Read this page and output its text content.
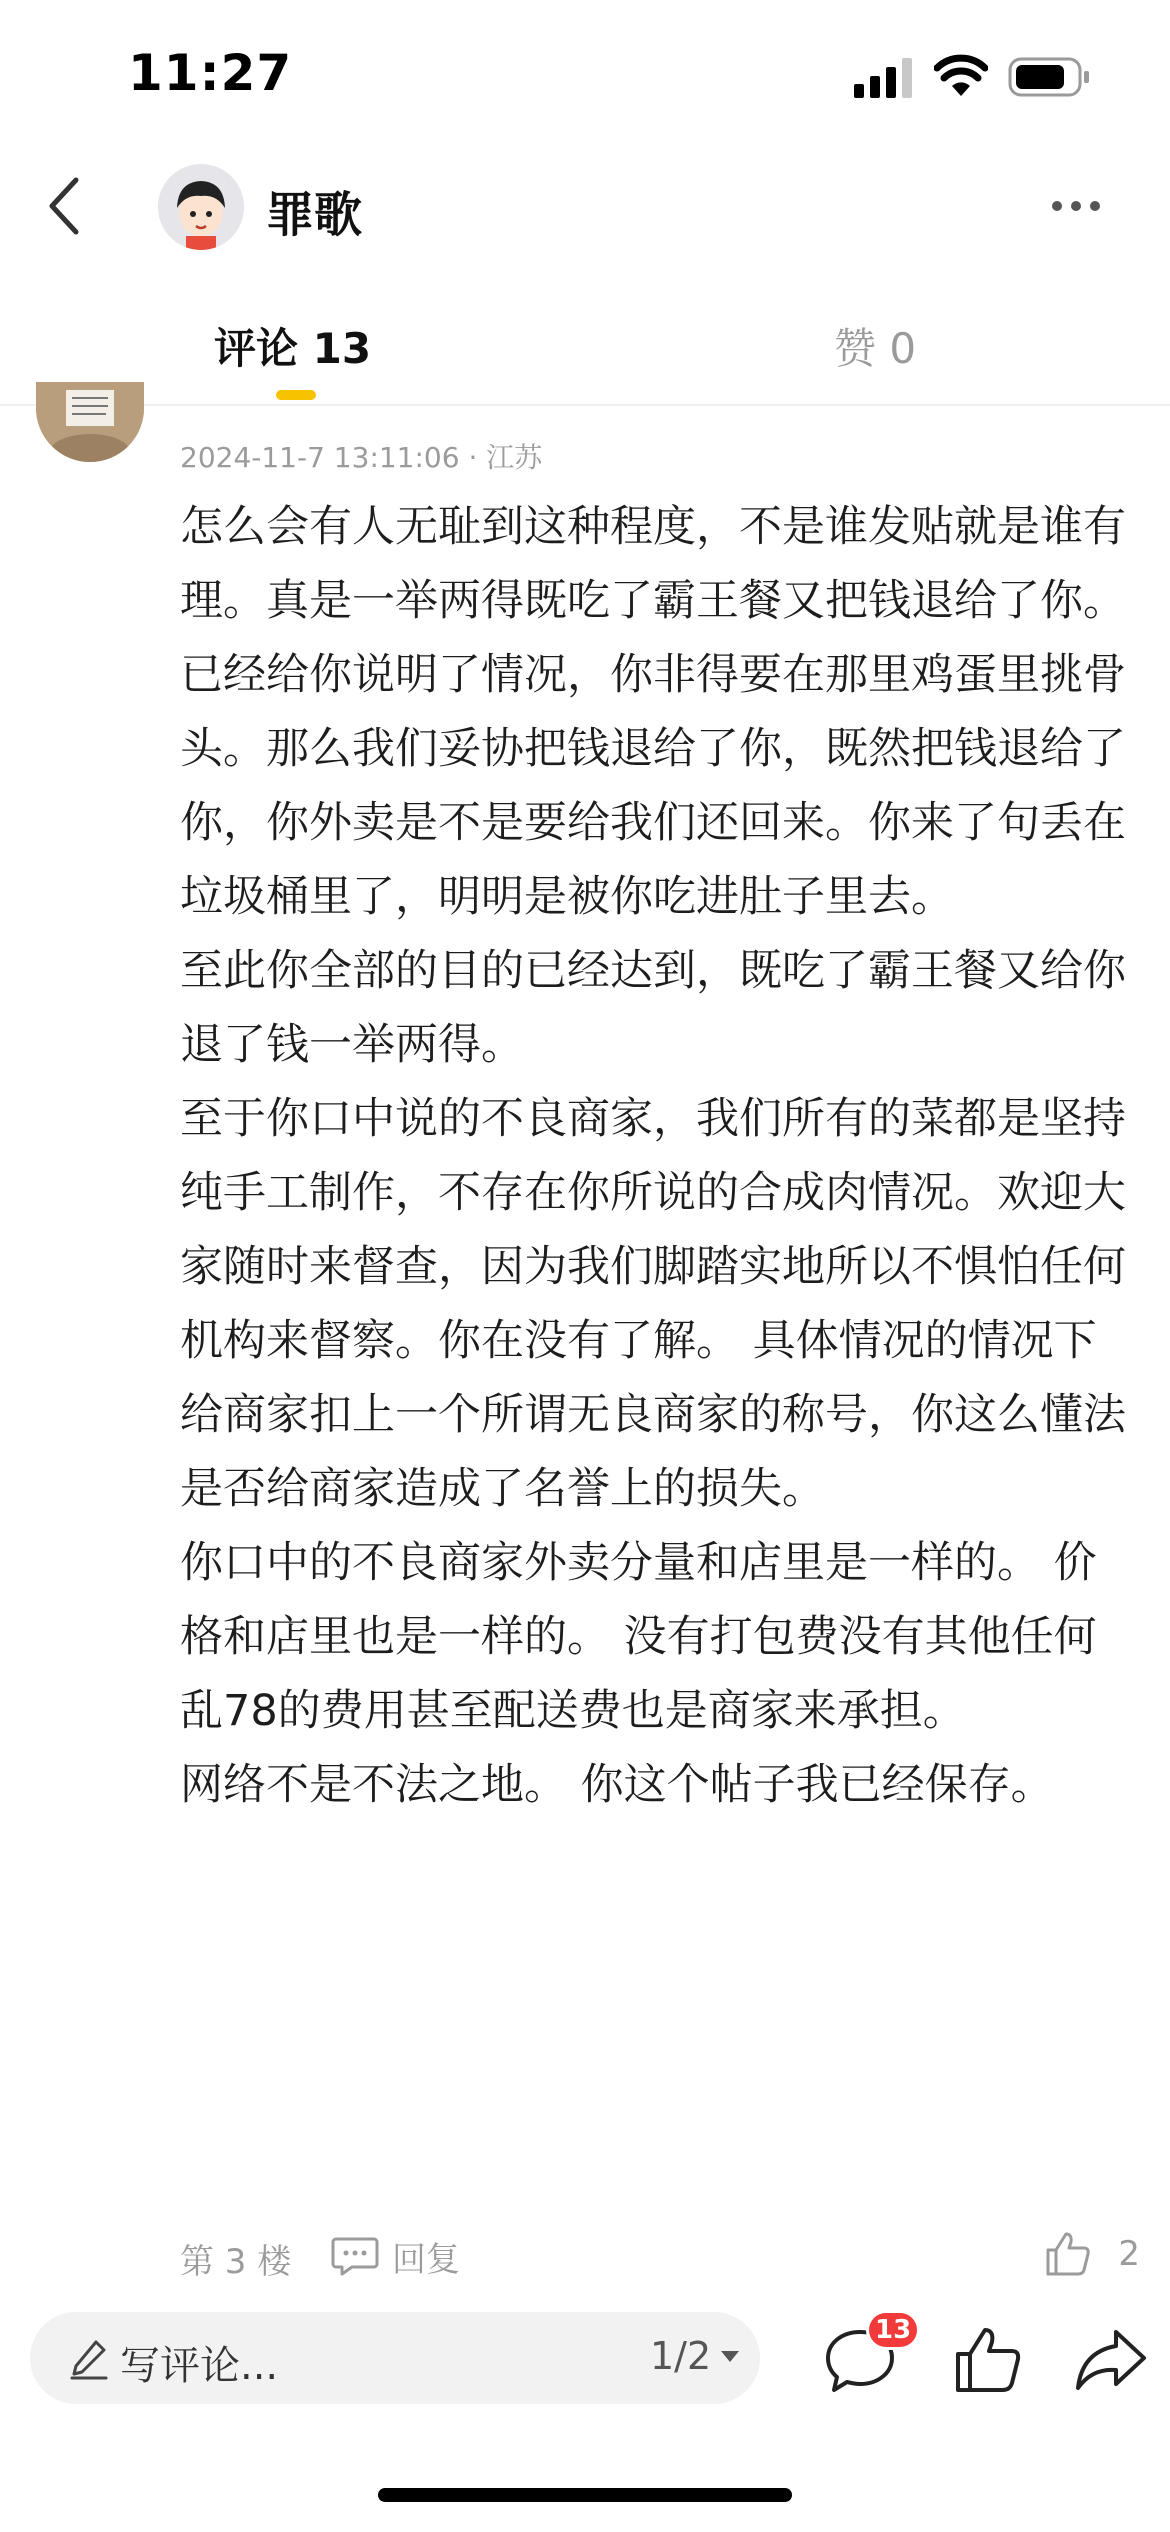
11:27
罪歌
评论 13	赞 0
2024-11-7 13:11:06 · 江苏

怎么会有人无耻到这种程度，不是谁发贴就是谁有理。真是一举两得既吃了霸王餐又把钱退给了你。

已经给你说明了情况，你非得要在那里鸡蛋里挑骨头。那么我们妥协把钱退给了你，既然把钱退给了你，你外卖是不是要给我们还回来。你来了句丢在垃圾桶里了，明明是被你吃进肚子里去。

至此你全部的目的已经达到，既吃了霸王餐又给你退了钱一举两得。

至于你口中说的不良商家，我们所有的菜都是坚持纯手工制作，不存在你所说的合成肉情况。欢迎大家随时来督查，因为我们脚踏实地所以不惧怕任何机构来督察。你在没有了解。 具体情况的情况下给商家扣上一个所谓无良商家的称号，你这么懂法是否给商家造成了名誉上的损失。

你口中的不良商家外卖分量和店里是一样的。 价格和店里也是一样的。 没有打包费没有其他任何乱78的费用甚至配送费也是商家来承担。

网络不是不法之地。 你这个帖子我已经保存。

第 3 楼	回复	2
写评论...	1/2
13
